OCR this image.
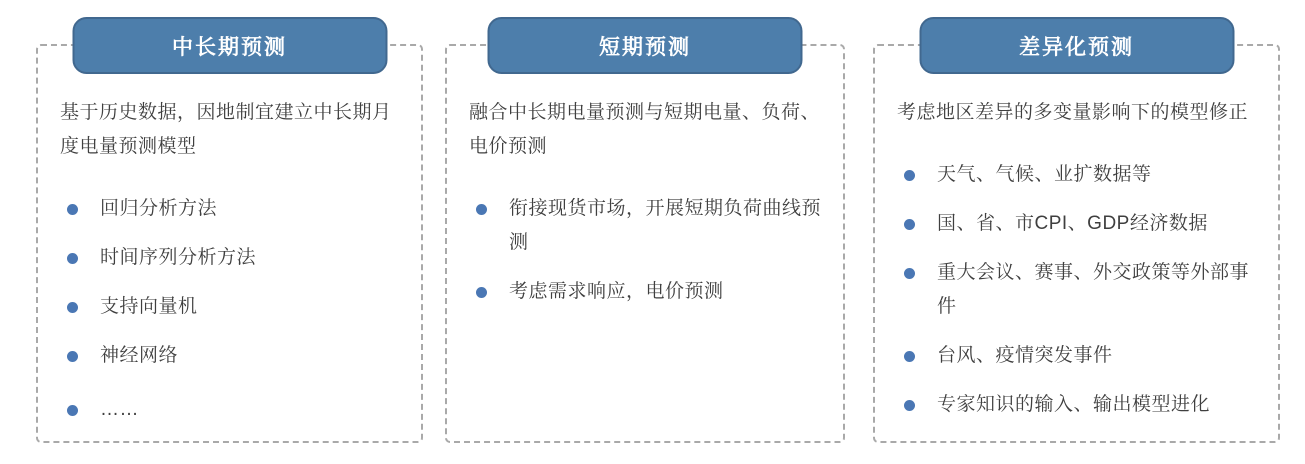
中长期预测
基于历史数据，因地制宜建立中长期月度电量预测模型
回归分析方法
时间序列分析方法
支持向量机
神经网络
……
短期预测
融合中长期电量预测与短期电量、负荷、电价预测
衔接现货市场，开展短期负荷曲线预测
考虑需求响应，电价预测
差异化预测
考虑地区差异的多变量影响下的模型修正
天气、气候、业扩数据等
国、省、市CPI、GDP经济数据
重大会议、赛事、外交政策等外部事件
台风、疫情突发事件
专家知识的输入、输出模型进化
